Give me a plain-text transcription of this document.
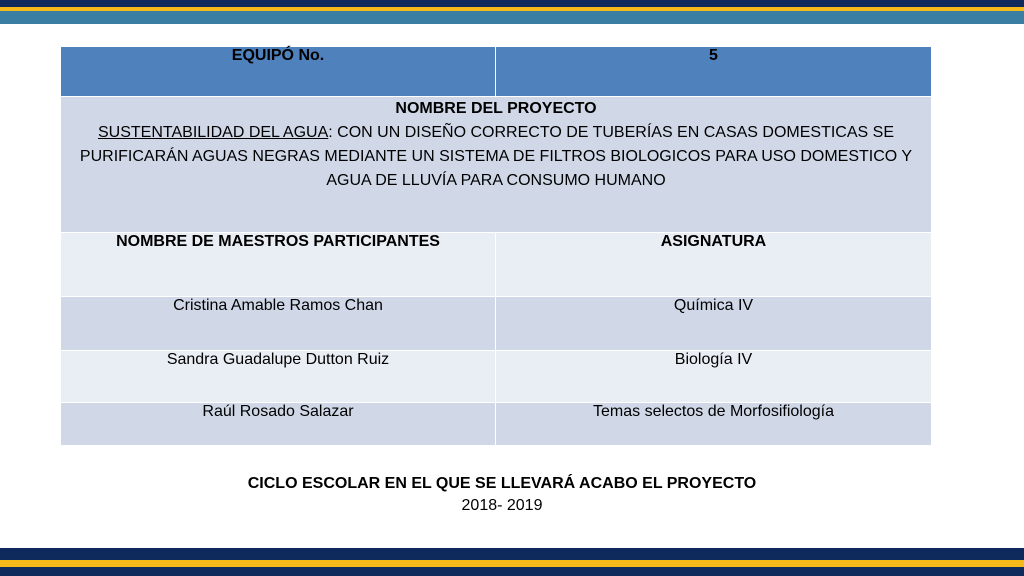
EQUIPÓ No.	5

NOMBRE DEL PROYECTO
SUSTENTABILIDAD DEL AGUA: CON UN DISEÑO CORRECTO DE TUBERÍAS EN CASAS DOMESTICAS SE PURIFICARÁN AGUAS NEGRAS MEDIANTE UN SISTEMA DE FILTROS BIOLOGICOS PARA USO DOMESTICO Y AGUA DE LLUVÍA PARA CONSUMO HUMANO	

NOMBRE DE MAESTROS PARTICIPANTES	ASIGNATURA
Cristina Amable Ramos Chan	Química IV
Sandra Guadalupe Dutton Ruiz	Biología IV
Raúl Rosado Salazar	Temas selectos de Morfosifiología
CICLO ESCOLAR EN EL QUE SE LLEVARÁ ACABO EL PROYECTO
2018- 2019
